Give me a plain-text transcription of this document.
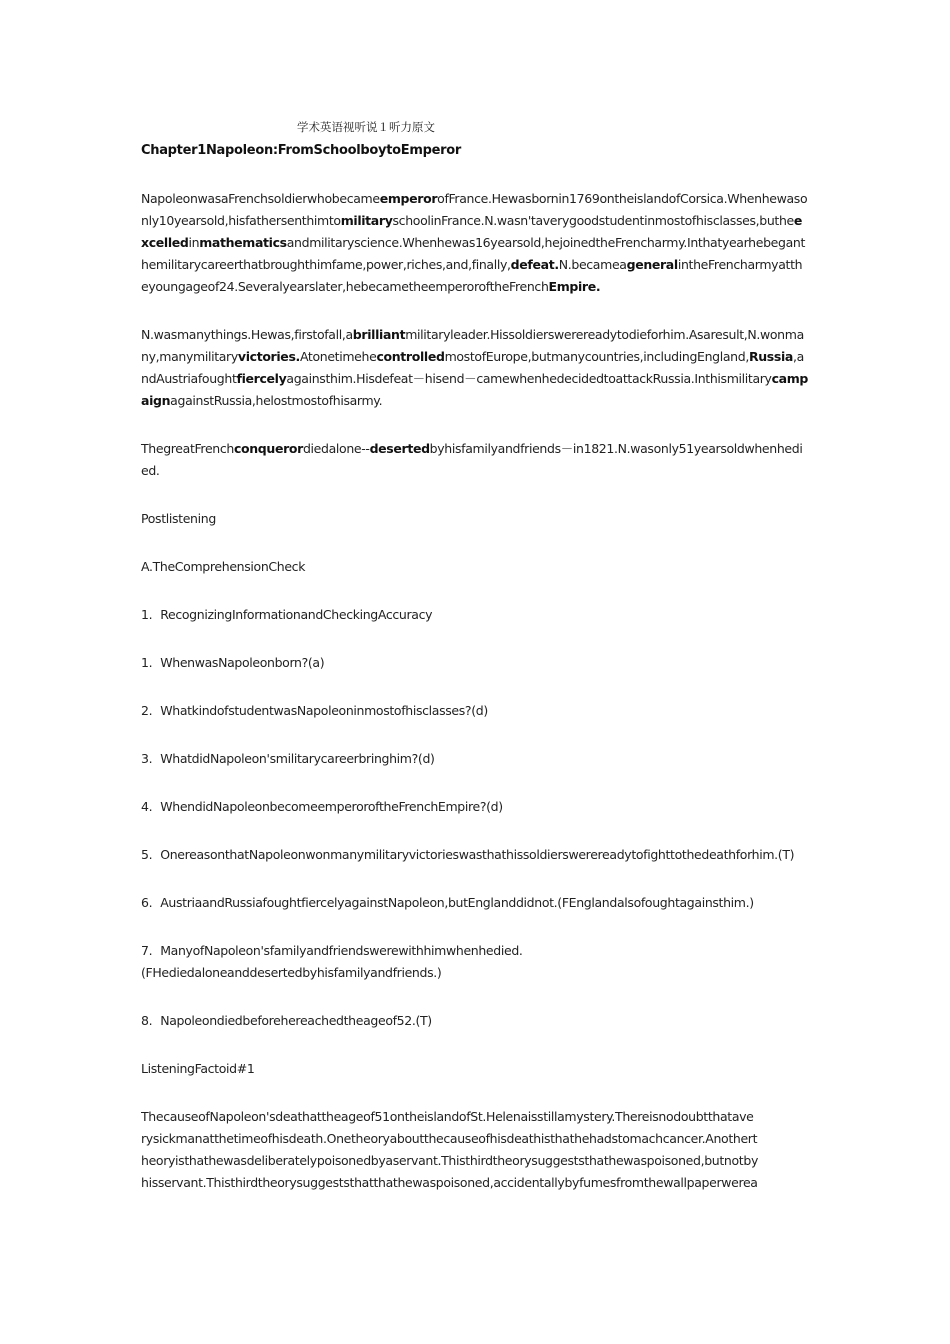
学术英语视听说１听力原文
Chapter1Napoleon:FromSchoolboytoEmperor
NapoleonwasaFrenchsoldierwhobecameemperorofFrance.Hewasbornin1769ontheislandofCorsica.Whenhewasonly10yearsold,hisfathersenthimtomilitaryschoolinFrance.N.wasn'taverygoodstudentinmostofhisclasses,butheexcelledinmathematicsandmilitaryscience.Whenhewas16yearsold,hejoinedtheFrencharmy.Inthatyearhebeganthemilitarycareerthatbroughthimfame,power,riches,and,finally,defeat.N.becameageneralintheFrencharmyattheyoungageof24.Severalyearslater,hebecametheemperoroftheFrenchEmpire.
N.wasmanythings.Hewas,firstofall,abrilliantmilitaryleader.Hissoldierswerereadytodieforhim.Asaresult,N.wonmany,manymilitaryvictories.AtonetimehecontrolledmostofEurope,butmanycountries,includingEngland,Russia,andAustriafoughtfiercelyagainsthim.Hisdefeat－hisend－camewhenhedecidedtoattackRussia.InthismilitarycampaignagainstRussia,helostmostofhisarmy.
ThegreatFrenchconquerordiedalone--desertedbyhisfamilyandfriends－in1821.N.wasonly51yearsoldwhenhedied.
Postlistening
A.TheComprehensionCheck
1. RecognizingInformationandCheckingAccuracy
1. WhenwasNapoleonborn?(a)
2. WhatkindofstudentwasNapoleoninmostofhisclasses?(d)
3. WhatdidNapoleon'smilitarycareerbringhim?(d)
4. WhendidNapoleonbecomeemperoroftheFrenchEmpire?(d)
5. OnereasonthatNapoleonwonmanymilitaryvictorieswasthathissoldierswerereadytofighttothedeathforhim.(T)
6. AustriaandRussiafoughtfiercelyagainstNapoleon,butEnglanddidnot.(FEnglandalsofoughtagainsthim.)
7. ManyofNapoleon'sfamilyandfriendswerewithhimwhenhedied.
(FHediedaloneanddesertedbyhisfamilyandfriends.)
8. Napoleondiedbeforehereachedtheageof52.(T)
ListeningFactoid#1
ThecauseofNapoleon'sdeathattheageof51ontheislandofSt.Helenaisstillamystery.Thereisnodoubtthatave
rysickmanatthetimeofhisdeath.Onetheoryaboutthecauseofhisdeathisthathehadstomachcancer.Anothert
heoryisthathewasdeliberatelypoisonedbyaservant.Thisthirdtheorysuggeststhathewaspoisoned,butnotby
hisservant.Thisthirdtheorysuggeststhatthathewaspoisoned,accidentallybyfumesfromthewallpaperwerea
